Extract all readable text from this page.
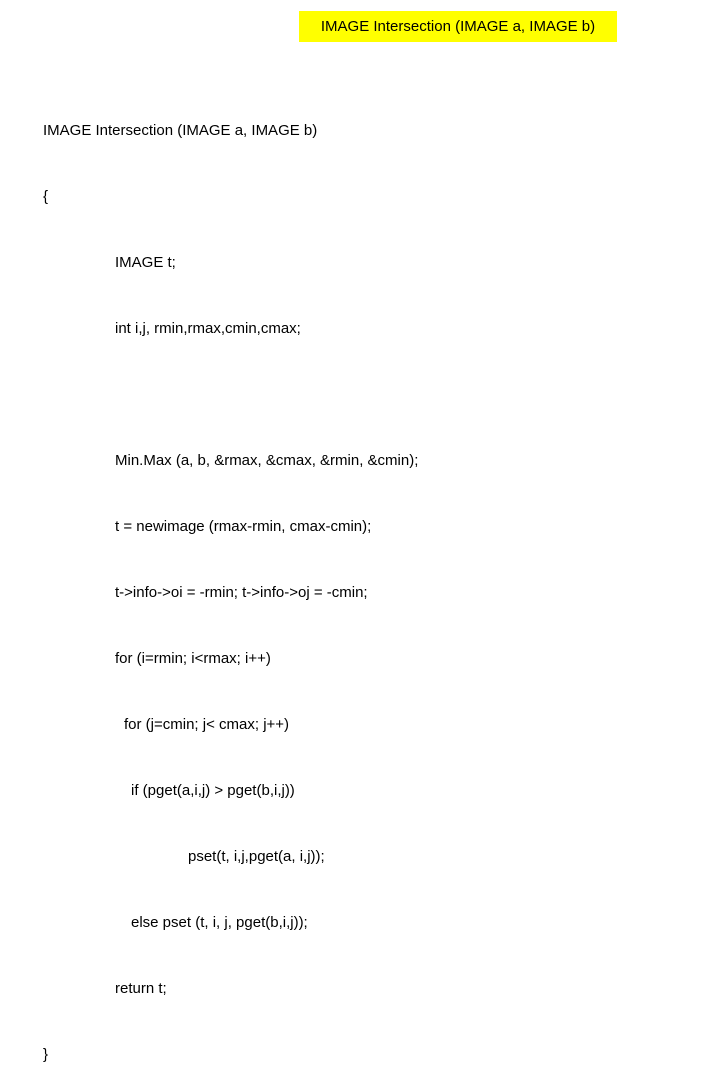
IMAGE Intersection (IMAGE a, IMAGE b)

IMAGE Intersection (IMAGE a, IMAGE b)

{

IMAGE t;

int i,j, rmin,rmax,cmin,cmax;

Min.Max (a, b, &rmax, &cmax, &rmin, &cmin);

t = newimage (rmax-rmin, cmax-cmin);

t->info->oi = -rmin; t->info->oj = -cmin;

for (i=rmin; i<rmax; i++)

for (j=cmin; j< cmax; j++)

if (pget(a,i,j) > pget(b,i,j))

pset(t, i,j,pget(a, i,j));

else pset (t, i, j, pget(b,i,j));

return t;

}
